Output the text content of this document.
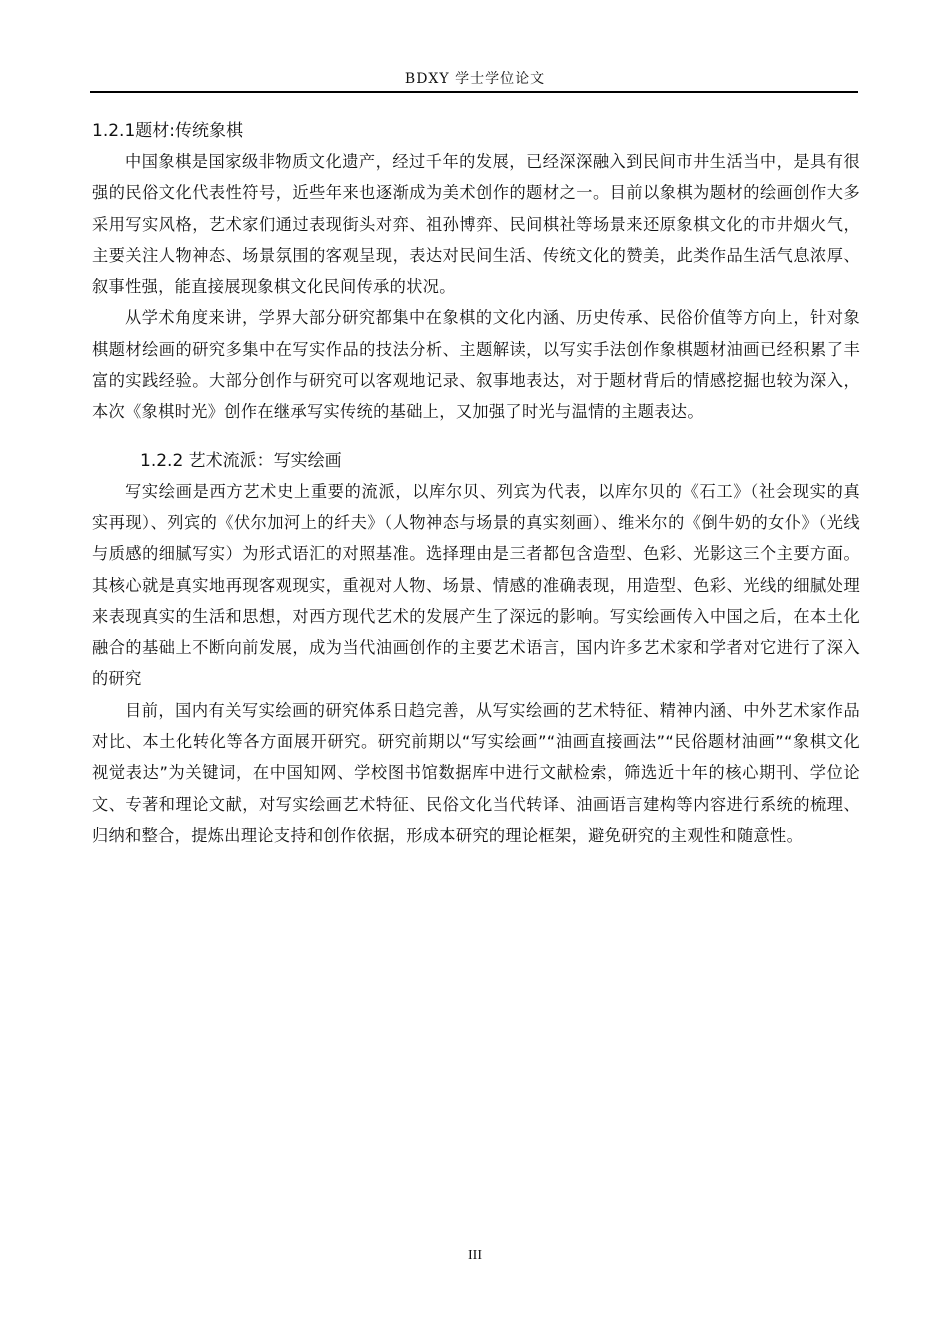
BDXY 学士学位论文
1.2.1题材:传统象棋

中国象棋是国家级非物质文化遗产，经过千年的发展，已经深深融入到民间市井生活当中，是具有很强的民俗文化代表性符号，近些年来也逐渐成为美术创作的题材之一。目前以象棋为题材的绘画创作大多采用写实风格，艺术家们通过表现街头对弈、祖孙博弈、民间棋社等场景来还原象棋文化的市井烟火气，主要关注人物神态、场景氛围的客观呈现，表达对民间生活、传统文化的赞美，此类作品生活气息浓厚、叙事性强，能直接展现象棋文化民间传承的状况。

从学术角度来讲，学界大部分研究都集中在象棋的文化内涵、历史传承、民俗价值等方向上，针对象棋题材绘画的研究多集中在写实作品的技法分析、主题解读，以写实手法创作象棋题材油画已经积累了丰富的实践经验。大部分创作与研究可以客观地记录、叙事地表达，对于题材背后的情感挖掘也较为深入，本次《象棋时光》创作在继承写实传统的基础上，又加强了时光与温情的主题表达。

1.2.2 艺术流派：写实绘画

写实绘画是西方艺术史上重要的流派，以库尔贝、列宾为代表，以库尔贝的《石工》（社会现实的真实再现）、列宾的《伏尔加河上的纤夫》（人物神态与场景的真实刻画）、维米尔的《倒牛奶的女仆》（光线与质感的细腻写实）为形式语汇的对照基准。选择理由是三者都包含造型、色彩、光影这三个主要方面。其核心就是真实地再现客观现实，重视对人物、场景、情感的准确表现，用造型、色彩、光线的细腻处理来表现真实的生活和思想，对西方现代艺术的发展产生了深远的影响。写实绘画传入中国之后，在本土化融合的基础上不断向前发展，成为当代油画创作的主要艺术语言，国内许多艺术家和学者对它进行了深入的研究

目前，国内有关写实绘画的研究体系日趋完善，从写实绘画的艺术特征、精神内涵、中外艺术家作品对比、本土化转化等各方面展开研究。研究前期以“写实绘画”“油画直接画法”“民俗题材油画”“象棋文化视觉表达”为关键词，在中国知网、学校图书馆数据库中进行文献检索，筛选近十年的核心期刊、学位论文、专著和理论文献，对写实绘画艺术特征、民俗文化当代转译、油画语言建构等内容进行系统的梳理、归纳和整合，提炼出理论支持和创作依据，形成本研究的理论框架，避免研究的主观性和随意性。

III
